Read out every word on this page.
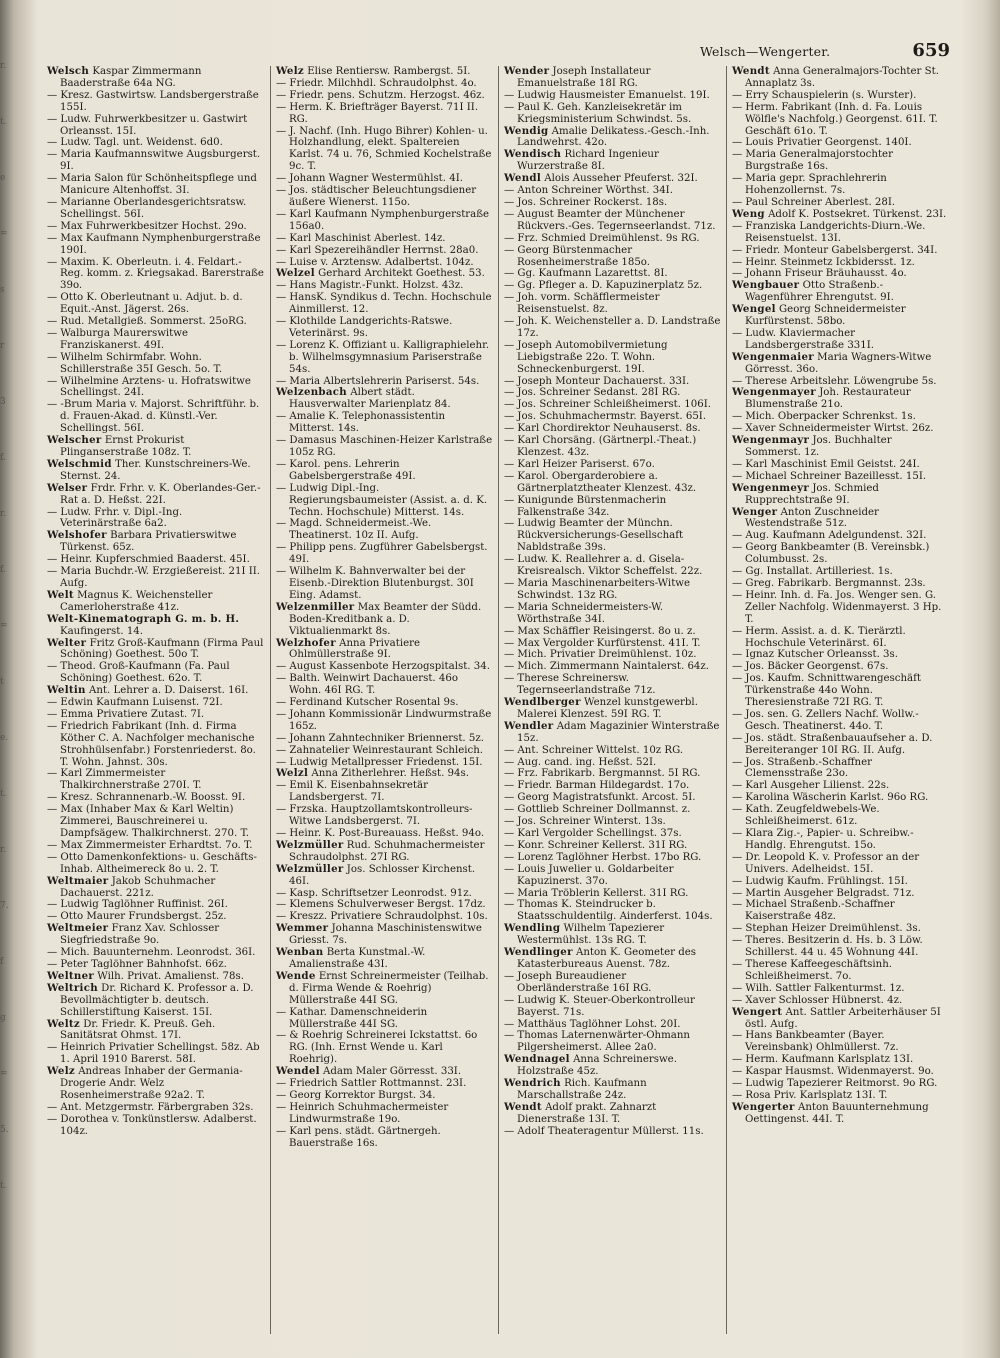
r.
t.
e
=
s
r
3
f.
r.
f.
=
t
e.
t.
r.
7.
f
g
=
5.
t.
Welsch—Wengerter.	659

Welsch Kaspar Zimmermann Baaderstraße 64a NG.

— Kresz. Gastwirtsw. Landsbergerstraße 155I.

— Ludw. Fuhrwerkbesitzer u. Gastwirt Orleansst. 15I.

— Ludw. Tagl. unt. Weidenst. 6d0.

— Maria Kaufmannswitwe Augsburgerst. 9I.

— Maria Salon für Schönheitspflege und Manicure Altenhoffst. 3I.

— Marianne Oberlandesgerichtsratsw. Schellingst. 56I.

— Max Fuhrwerkbesitzer Hochst. 29o.

— Max Kaufmann Nymphenburgerstraße 190I.

— Maxim. K. Oberleutn. i. 4. Feldart.-Reg. komm. z. Kriegsakad. Barerstraße 39o.

— Otto K. Oberleutnant u. Adjut. b. d. Equit.-Anst. Jägerst. 26s.

— Rud. Metallgieß. Sommerst. 25oRG.

— Walburga Maurerswitwe Franziskanerst. 49I.

— Wilhelm Schirmfabr. Wohn. Schillerstraße 35I Gesch. 5o. T.

— Wilhelmine Arztens- u. Hofratswitwe Schellingst. 24I.

— -Brum Maria v. Majorst. Schriftführ. b. d. Frauen-Akad. d. Künstl.-Ver. Schellingst. 56I.

Welscher Ernst Prokurist Plinganserstraße 108z. T.

Welschmid Ther. Kunstschreiners-We. Sternst. 24.

Welser Frdr. Frhr. v. K. Oberlandes-Ger.-Rat a. D. Heßst. 22I.

— Ludw. Frhr. v. Dipl.-Ing. Veterinärstraße 6a2.

Welshofer Barbara Privatierswitwe Türkenst. 65z.

— Heinr. Kupferschmied Baaderst. 45I.

— Maria Buchdr.-W. Erzgießereist. 21I II. Aufg.

Welt Magnus K. Weichensteller Camerloherstraße 41z.

Welt-Kinematograph G. m. b. H. Kaufingerst. 14.

Welter Fritz Groß-Kaufmann (Firma Paul Schöning) Goethest. 50o T.

— Theod. Groß-Kaufmann (Fa. Paul Schöning) Goethest. 62o. T.

Weltin Ant. Lehrer a. D. Daiserst. 16I.

— Edwin Kaufmann Luisenst. 72I.

— Emma Privatiere Zutast. 7I.

— Friedrich Fabrikant (Inh. d. Firma Köther C. A. Nachfolger mechanische Strohhülsenfabr.) Forstenriederst. 8o. T. Wohn. Jahnst. 30s.

— Karl Zimmermeister Thalkirchnerstraße 270I. T.

— Kresz. Schrannenarb.-W. Boosst. 9I.

— Max (Inhaber Max & Karl Weltin) Zimmerei, Bauschreinerei u. Dampfsägew. Thalkirchnerst. 270. T.

— Max Zimmermeister Erhardtst. 7o. T.

— Otto Damenkonfektions- u. Geschäfts-Inhab. Altheimereck 8o u. 2. T.

Weltmaier Jakob Schuhmacher Dachauerst. 221z.

— Ludwig Taglöhner Ruffinist. 26I.

— Otto Maurer Frundsbergst. 25z.

Weltmeier Franz Xav. Schlosser Siegfriedstraße 9o.

— Mich. Bauunternehm. Leonrodst. 36I.

— Peter Taglöhner Bahnhofst. 66z.

Weltner Wilh. Privat. Amalienst. 78s.

Weltrich Dr. Richard K. Professor a. D. Bevollmächtigter b. deutsch. Schillerstiftung Kaiserst. 15I.

Weltz Dr. Friedr. K. Preuß. Geh. Sanitätsrat Ohmst. 17I.

— Heinrich Privatier Schellingst. 58z. Ab 1. April 1910 Barerst. 58I.

Welz Andreas Inhaber der Germania-Drogerie Andr. Welz Rosenheimerstraße 92a2. T.

— Ant. Metzgermstr. Färbergraben 32s.

— Dorothea v. Tonkünstlersw. Adalberst. 104z.

Welz Elise Rentiersw. Rambergst. 5I.

— Friedr. Milchhdl. Schraudolphst. 4o.

— Friedr. pens. Schutzm. Herzogst. 46z.

— Herm. K. Briefträger Bayerst. 71I II. RG.

— J. Nachf. (Inh. Hugo Bihrer) Kohlen- u. Holzhandlung, elekt. Spaltereien Karlst. 74 u. 76, Schmied Kochelstraße 9c. T.

— Johann Wagner Westermühlst. 4I.

— Jos. städtischer Beleuchtungsdiener äußere Wienerst. 115o.

— Karl Kaufmann Nymphenburgerstraße 156a0.

— Karl Maschinist Aberlest. 14z.

— Karl Spezereihändler Herrnst. 28a0.

— Luise v. Arztensw. Adalbertst. 104z.

Welzel Gerhard Architekt Goethest. 53.

— Hans Magistr.-Funkt. Holzst. 43z.

— HansK. Syndikus d. Techn. Hochschule Ainmillerst. 12.

— Klothilde Landgerichts-Ratswe. Veterinärst. 9s.

— Lorenz K. Offiziant u. Kalligraphielehr. b. Wilhelmsgymnasium Pariserstraße 54s.

— Maria Albertslehrerin Pariserst. 54s.

Welzenbach Albert städt. Hausverwalter Marienplatz 84.

— Amalie K. Telephonassistentin Mitterst. 14s.

— Damasus Maschinen-Heizer Karlstraße 105z RG.

— Karol. pens. Lehrerin Gabelsbergerstraße 49I.

— Ludwig Dipl.-Ing. Regierungsbaumeister (Assist. a. d. K. Techn. Hochschule) Mitterst. 14s.

— Magd. Schneidermeist.-We. Theatinerst. 10z II. Aufg.

— Philipp pens. Zugführer Gabelsbergst. 49I.

— Wilhelm K. Bahnverwalter bei der Eisenb.-Direktion Blutenburgst. 30I Eing. Adamst.

Welzenmiller Max Beamter der Südd. Boden-Kreditbank a. D. Viktualienmarkt 8s.

Welzhofer Anna Privatiere Ohlmüllerstraße 9I.

— August Kassenbote Herzogspitalst. 34.

— Balth. Weinwirt Dachauerst. 46o Wohn. 46I RG. T.

— Ferdinand Kutscher Rosental 9s.

— Johann Kommissionär Lindwurmstraße 165z.

— Johann Zahntechniker Briennerst. 5z.

— Zahnatelier Weinrestaurant Schleich.

— Ludwig Metallpresser Friedenst. 15I.

Welzl Anna Zitherlehrer. Heßst. 94s.

— Emil K. Eisenbahnsekretär Landsbergerst. 7I.

— Frzska. Hauptzollamtskontrolleurs-Witwe Landsbergerst. 7I.

— Heinr. K. Post-Bureauass. Heßst. 94o.

Welzmüller Rud. Schuhmachermeister Schraudolphst. 27I RG.

Welzmüller Jos. Schlosser Kirchenst. 46I.

— Kasp. Schriftsetzer Leonrodst. 91z.

— Klemens Schulverweser Bergst. 17dz.

— Kreszz. Privatiere Schraudolphst. 10s.

Wemmer Johanna Maschinistenswitwe Griesst. 7s.

Wenban Berta Kunstmal.-W. Amalienstraße 43I.

Wende Ernst Schreinermeister (Teilhab. d. Firma Wende & Roehrig) Müllerstraße 44I SG.

— Kathar. Damenschneiderin Müllerstraße 44I SG.

— & Roehrig Schreinerei Ickstattst. 6o RG. (Inh. Ernst Wende u. Karl Roehrig).

Wendel Adam Maler Görresst. 33I.

— Friedrich Sattler Rottmannst. 23I.

— Georg Korrektor Burgst. 34.

— Heinrich Schuhmachermeister Lindwurmstraße 19o.

— Karl pens. städt. Gärtnergeh. Bauerstraße 16s.

Wender Joseph Installateur Emanuelstraße 18I RG.

— Ludwig Hausmeister Emanuelst. 19I.

— Paul K. Geh. Kanzleisekretär im Kriegsministerium Schwindst. 5s.

Wendig Amalie Delikatess.-Gesch.-Inh. Landwehrst. 42o.

Wendisch Richard Ingenieur Wurzerstraße 8I.

Wendl Alois Ausseher Pfeuferst. 32I.

— Anton Schreiner Wörthst. 34I.

— Jos. Schreiner Rockerst. 18s.

— August Beamter der Münchener Rückvers.-Ges. Tegernseerlandst. 71z.

— Frz. Schmied Dreimühlenst. 9s RG.

— Georg Bürstenmacher Rosenheimerstraße 185o.

— Gg. Kaufmann Lazarettst. 8I.

— Gg. Pfleger a. D. Kapuzinerplatz 5z.

— Joh. vorm. Schäfflermeister Reisenstuelst. 8z.

— Joh. K. Weichensteller a. D. Landstraße 17z.

— Joseph Automobilvermietung Liebigstraße 22o. T. Wohn. Schneckenburgerst. 19I.

— Joseph Monteur Dachauerst. 33I.

— Jos. Schreiner Sedanst. 28I RG.

— Jos. Schreiner Schleißheimerst. 106I.

— Jos. Schuhmachermstr. Bayerst. 65I.

— Karl Chordirektor Neuhauserst. 8s.

— Karl Chorsäng. (Gärtnerpl.-Theat.) Klenzest. 43z.

— Karl Heizer Pariserst. 67o.

— Karol. Obergarderobiere a. Gärtnerplatztheater Klenzest. 43z.

— Kunigunde Bürstenmacherin Falkenstraße 34z.

— Ludwig Beamter der Münchn. Rückversicherungs-Gesellschaft Nabldstraße 39s.

— Ludw. K. Reallehrer a. d. Gisela-Kreisrealsch. Viktor Scheffelst. 22z.

— Maria Maschinenarbeiters-Witwe Schwindst. 13z RG.

— Maria Schneidermeisters-W. Wörthstraße 34I.

— Max Schäffler Reisingerst. 8o u. z.

— Max Vergolder Kurfürstenst. 41I. T.

— Mich. Privatier Dreimühlenst. 10z.

— Mich. Zimmermann Naintalerst. 64z.

— Therese Schreinersw. Tegernseerlandstraße 71z.

Wendlberger Wenzel kunstgewerbl. Malerei Klenzest. 59I RG. T.

Wendler Adam Magazinier Winterstraße 15z.

— Ant. Schreiner Wittelst. 10z RG.

— Aug. cand. ing. Heßst. 52I.

— Frz. Fabrikarb. Bergmannst. 5I RG.

— Friedr. Barman Hildegardst. 17o.

— Georg Magistratsfunkt. Arcost. 5I.

— Gottlieb Schreiner Dollmannst. z.

— Jos. Schreiner Winterst. 13s.

— Karl Vergolder Schellingst. 37s.

— Konr. Schreiner Kellerst. 31I RG.

— Lorenz Taglöhner Herbst. 17bo RG.

— Louis Juwelier u. Goldarbeiter Kapuzinerst. 37o.

— Maria Tröblerin Kellerst. 31I RG.

— Thomas K. Steindrucker b. Staatsschuldentilg. Ainderferst. 104s.

Wendling Wilhelm Tapezierer Westermühlst. 13s RG. T.

Wendlinger Anton K. Geometer des Katasterbureaus Auenst. 78z.

— Joseph Bureaudiener Oberländerstraße 16I RG.

— Ludwig K. Steuer-Oberkontrolleur Bayerst. 71s.

— Matthäus Taglöhner Lohst. 20I.

— Thomas Laternenwärter-Ohmann Pilgersheimerst. Allee 2a0.

Wendnagel Anna Schreinerswe. Holzstraße 45z.

Wendrich Rich. Kaufmann Marschallstraße 24z.

Wendt Adolf prakt. Zahnarzt Dienerstraße 13I. T.

— Adolf Theateragentur Müllerst. 11s.

Wendt Anna Generalmajors-Tochter St. Annaplatz 3s.

— Erry Schauspielerin (s. Wurster).

— Herm. Fabrikant (Inh. d. Fa. Louis Wölfle's Nachfolg.) Georgenst. 61I. T. Geschäft 61o. T.

— Louis Privatier Georgenst. 140I.

— Maria Generalmajorstochter Burgstraße 16s.

— Maria gepr. Sprachlehrerin Hohenzollernst. 7s.

— Paul Schreiner Aberlest. 28I.

Weng Adolf K. Postsekret. Türkenst. 23I.

— Franziska Landgerichts-Diurn.-We. Reisenstuelst. 13I.

— Friedr. Monteur Gabelsbergerst. 34I.

— Heinr. Steinmetz Ickbidersst. 1z.

— Johann Friseur Bräuhausst. 4o.

Wengbauer Otto Straßenb.-Wagenführer Ehrengutst. 9I.

Wengel Georg Schneidermeister Kurfürstenst. 58bo.

— Ludw. Klaviermacher Landsbergerstraße 331I.

Wengenmaier Maria Wagners-Witwe Görresst. 36o.

— Therese Arbeitslehr. Löwengrube 5s.

Wengenmayer Joh. Restaurateur Blumenstraße 21o.

— Mich. Oberpacker Schrenkst. 1s.

— Xaver Schneidermeister Wirtst. 26z.

Wengenmayr Jos. Buchhalter Sommerst. 1z.

— Karl Maschinist Emil Geistst. 24I.

— Michael Schreiner Bazeillesst. 15I.

Wengenmeyr Jos. Schmied Rupprechtstraße 9I.

Wenger Anton Zuschneider Westendstraße 51z.

— Aug. Kaufmann Adelgundenst. 32I.

— Georg Bankbeamter (B. Vereinsbk.) Columbusst. 2s.

— Gg. Installat. Artilleriest. 1s.

— Greg. Fabrikarb. Bergmannst. 23s.

— Heinr. Inh. d. Fa. Jos. Wenger sen. G. Zeller Nachfolg. Widenmayerst. 3 Hp. T.

— Herm. Assist. a. d. K. Tierärztl. Hochschule Veterinärst. 6I.

— Ignaz Kutscher Orleansst. 3s.

— Jos. Bäcker Georgenst. 67s.

— Jos. Kaufm. Schnittwarengeschäft Türkenstraße 44o Wohn. Theresienstraße 72I RG. T.

— Jos. sen. G. Zellers Nachf. Wollw.-Gesch. Theatinerst. 44o. T.

— Jos. städt. Straßenbauaufseher a. D. Bereiteranger 10I RG. II. Aufg.

— Jos. Straßenb.-Schaffner Clemensstraße 23o.

— Karl Ausgeher Lilienst. 22s.

— Karolina Wäscherin Karlst. 96o RG.

— Kath. Zeugfeldwebels-We. Schleißheimerst. 61z.

— Klara Zig.-, Papier- u. Schreibw.-Handlg. Ehrengutst. 15o.

— Dr. Leopold K. v. Professor an der Univers. Adelheidst. 15I.

— Ludwig Kaufm. Frühlingst. 15I.

— Martin Ausgeher Belgradst. 71z.

— Michael Straßenb.-Schaffner Kaiserstraße 48z.

— Stephan Heizer Dreimühlenst. 3s.

— Theres. Besitzerin d. Hs. b. 3 Löw. Schillerst. 44 u. 45 Wohnung 44I.

— Therese Kaffeegeschäftsinh. Schleißheimerst. 7o.

— Wilh. Sattler Falkenturmst. 1z.

— Xaver Schlosser Hübnerst. 4z.

Wengert Ant. Sattler Arbeiterhäuser 5I östl. Aufg.

— Hans Bankbeamter (Bayer. Vereinsbank) Ohlmüllerst. 7z.

— Herm. Kaufmann Karlsplatz 13I.

— Kaspar Hausmst. Widenmayerst. 9o.

— Ludwig Tapezierer Reitmorst. 9o RG.

— Rosa Priv. Karlsplatz 13I. T.

Wengerter Anton Bauunternehmung Oettingenst. 44I. T.
